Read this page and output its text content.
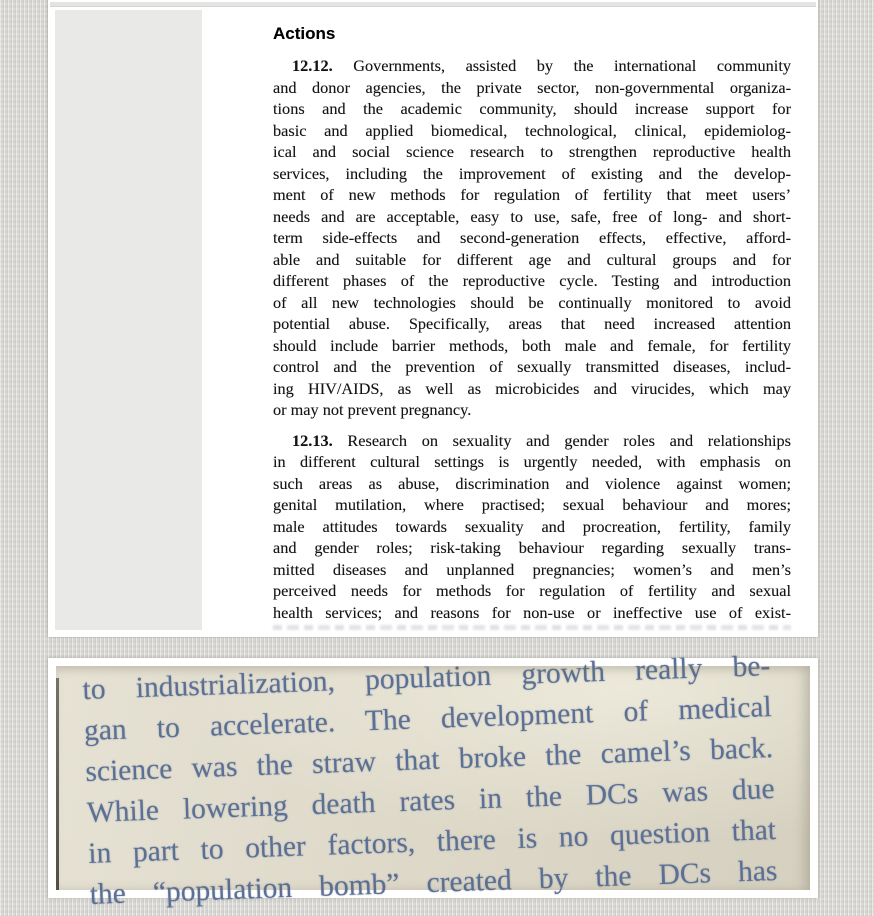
Actions
12.12. Governments, assisted by the international community
and donor agencies, the private sector, non-governmental organiza-
tions and the academic community, should increase support for
basic and applied biomedical, technological, clinical, epidemiolog-
ical and social science research to strengthen reproductive health
services, including the improvement of existing and the develop-
ment of new methods for regulation of fertility that meet users’
needs and are acceptable, easy to use, safe, free of long- and short-
term side-effects and second-generation effects, effective, afford-
able and suitable for different age and cultural groups and for
different phases of the reproductive cycle. Testing and introduction
of all new technologies should be continually monitored to avoid
potential abuse. Specifically, areas that need increased attention
should include barrier methods, both male and female, for fertility
control and the prevention of sexually transmitted diseases, includ-
ing HIV/AIDS, as well as microbicides and virucides, which may
or may not prevent pregnancy.
12.13. Research on sexuality and gender roles and relationships
in different cultural settings is urgently needed, with emphasis on
such areas as abuse, discrimination and violence against women;
genital mutilation, where practised; sexual behaviour and mores;
male attitudes towards sexuality and procreation, fertility, family
and gender roles; risk-taking behaviour regarding sexually trans-
mitted diseases and unplanned pregnancies; women’s and men’s
perceived needs for methods for regulation of fertility and sexual
health services; and reasons for non-use or ineffective use of exist-
to industrialization, population growth really be-
gan to accelerate. The development of medical
science was the straw that broke the camel’s back.
While lowering death rates in the DCs was due
in part to other factors, there is no question that
the “population bomb” created by the DCs has
